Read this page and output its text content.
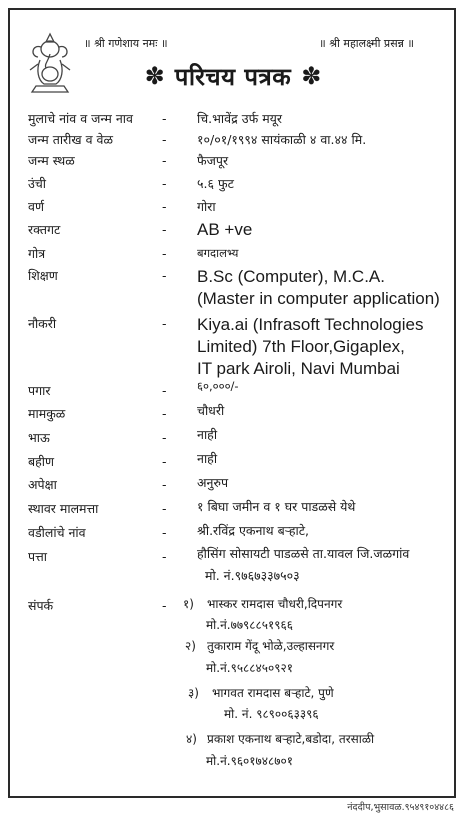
॥ श्री गणेशाय नमः ॥	॥ श्री महालक्ष्मी प्रसन्न ॥
✽ परिचय पत्रक ✽
मुलाचे नांव व जन्म नाव - चि.भावेंद्र उर्फ मयूर
जन्म तारीख व वेळ	- १०/०१/१९९४ सायंकाळी ४ वा.४४ मि.
जन्म स्थळ	- फैजपूर
उंची	- ५.६ फुट
वर्ण	- गोरा
रक्तगट	- AB +ve
गोत्र	-	बगदालभ्य
शिक्षण	- B.Sc (Computer), M.C.A.
(Master in computer application)
नौकरी	- Kiya.ai (Infrasoft Technologies
Limited) 7th Floor,Gigaplex,
IT park Airoli, Navi Mumbai
पगार	-	६०,०००/-
मामकुळ	- चौधरी
भाऊ	- नाही
बहीण	- नाही
अपेक्षा	- अनुरुप
स्थावर मालमत्ता	- १ बिघा जमीन व १ घर पाडळसे येथे
वडीलांचे नांव	- श्री.रविंद्र एकनाथ बऱ्हाटे,
पत्ता	- हौसिंग सोसायटी पाडळसे ता.यावल जि.जळगांव
मो. नं.९७६७३३७५०३
संपर्क	- १) भास्कर रामदास चौधरी,दिपनगर
मो.नं.७७९८८५१९६६
२) तुकाराम गेंदू भोळे,उल्हासनगर
मो.नं.९५८८४५०९२१
३) भागवत रामदास बऱ्हाटे, पुणे
मो. नं. ९८९००६३३९६
४) प्रकाश एकनाथ बऱ्हाटे,बडोदा, तरसाळी
मो.नं.९६०१७४८७०१
नंददीप,भुसावळ.९५४९१०४४८६
